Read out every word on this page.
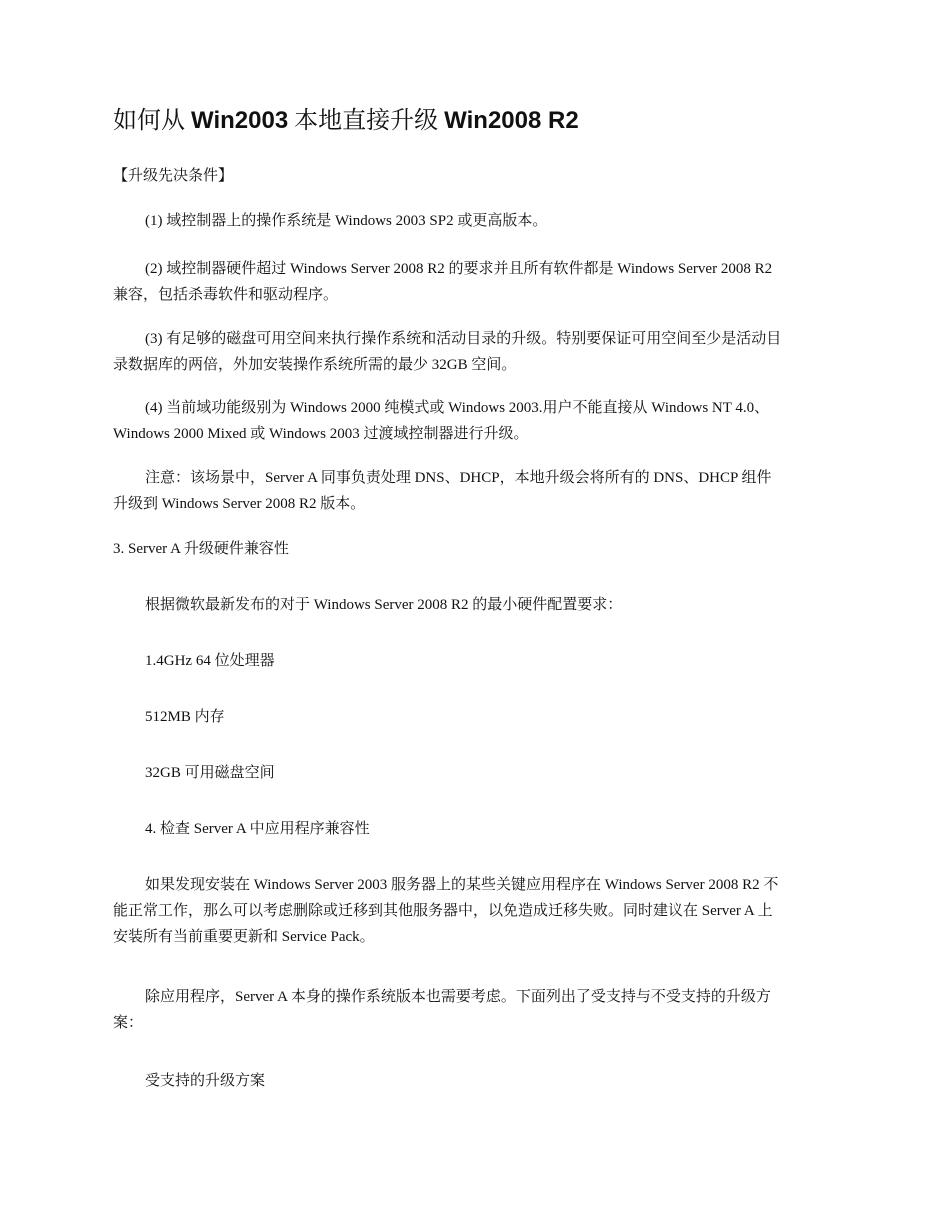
如何从 Win2003 本地直接升级 Win2008 R2
【升级先决条件】
(1) 域控制器上的操作系统是 Windows 2003 SP2 或更高版本。
(2) 域控制器硬件超过 Windows Server 2008 R2 的要求并且所有软件都是 Windows Server 2008 R2
兼容，包括杀毒软件和驱动程序。
(3) 有足够的磁盘可用空间来执行操作系统和活动目录的升级。特别要保证可用空间至少是活动目
录数据库的两倍，外加安装操作系统所需的最少 32GB 空间。
(4) 当前域功能级别为 Windows 2000 纯模式或 Windows 2003.用户不能直接从 Windows NT 4.0、
Windows 2000 Mixed 或 Windows 2003 过渡域控制器进行升级。
注意：该场景中，Server A 同事负责处理 DNS、DHCP，本地升级会将所有的 DNS、DHCP 组件
升级到 Windows Server 2008 R2 版本。
3. Server A 升级硬件兼容性
根据微软最新发布的对于 Windows Server 2008 R2 的最小硬件配置要求：
1.4GHz 64 位处理器
512MB 内存
32GB 可用磁盘空间
4. 检查 Server A 中应用程序兼容性
如果发现安装在 Windows Server 2003 服务器上的某些关键应用程序在 Windows Server 2008 R2 不
能正常工作，那么可以考虑删除或迁移到其他服务器中，以免造成迁移失败。同时建议在 Server A 上
安装所有当前重要更新和 Service Pack。
除应用程序，Server A 本身的操作系统版本也需要考虑。下面列出了受支持与不受支持的升级方
案：
受支持的升级方案
